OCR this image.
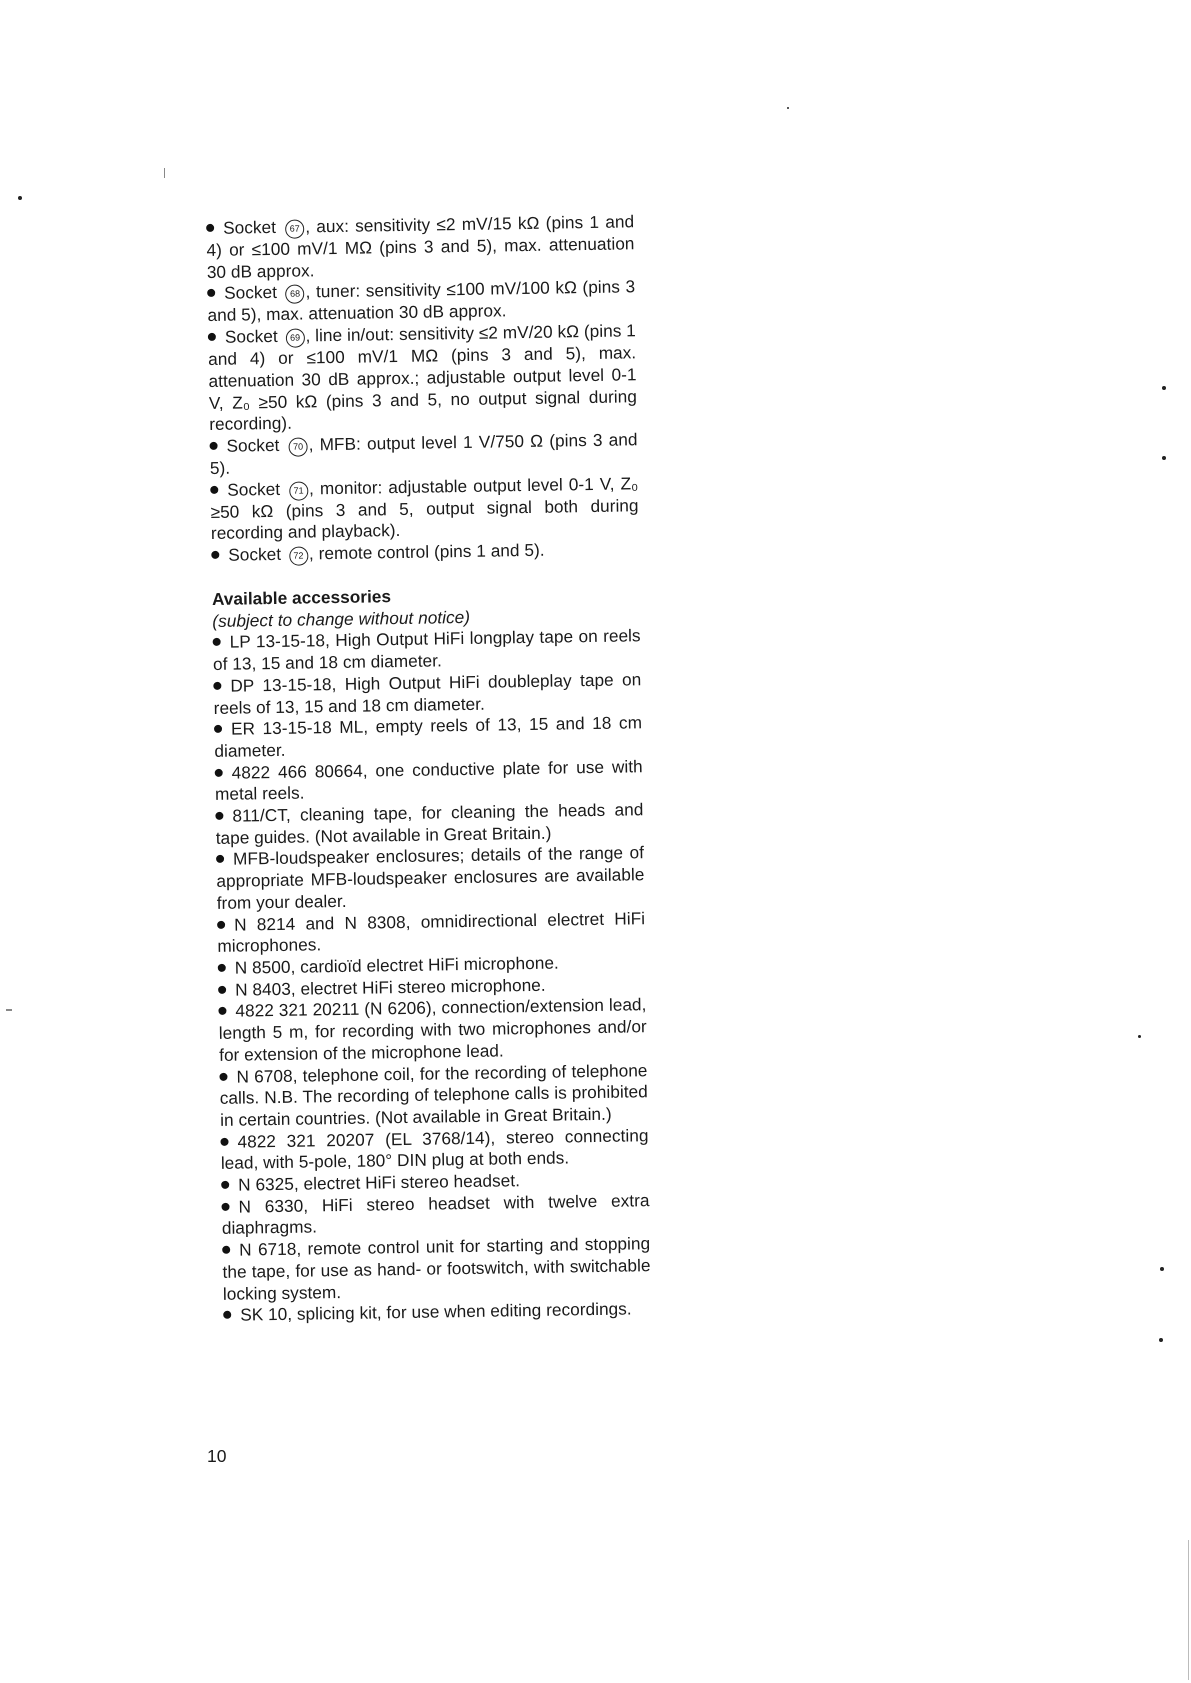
Socket 67 , aux: sensitivity ≤2 mV/15 kΩ (pins 1 and 4) or ≤100 mV/1 MΩ (pins 3 and 5), max. attenuation 30 dB approx.

Socket 68 , tuner: sensitivity ≤100 mV/100 kΩ (pins 3 and 5), max. attenuation 30 dB approx.

Socket 69 , line in/out: sensitivity ≤2 mV/20 kΩ (pins 1 and 4) or ≤100 mV/1 MΩ (pins 3 and 5), max. attenuation 30 dB approx.; adjustable output level 0-1 V, Z₀ ≥50 kΩ (pins 3 and 5, no output signal during recording).

Socket 70 , MFB: output level 1 V/750 Ω (pins 3 and 5).

Socket 71 , monitor: adjustable output level 0-1 V, Z₀ ≥50 kΩ (pins 3 and 5, output signal both during recording and playback).

Socket 72 , remote control (pins 1 and 5).

Available accessories

(subject to change without notice)

LP 13-15-18, High Output HiFi longplay tape on reels of 13, 15 and 18 cm diameter.

DP 13-15-18, High Output HiFi doubleplay tape on reels of 13, 15 and 18 cm diameter.

ER 13-15-18 ML, empty reels of 13, 15 and 18 cm diameter.

4822 466 80664, one conductive plate for use with metal reels.

811/CT, cleaning tape, for cleaning the heads and tape guides. (Not available in Great Britain.)

MFB-loudspeaker enclosures; details of the range of appropriate MFB-loudspeaker enclosures are available from your dealer.

N 8214 and N 8308, omnidirectional electret HiFi microphones.

N 8500, cardioïd electret HiFi microphone.

N 8403, electret HiFi stereo microphone.

4822 321 20211 (N 6206), connection/extension lead, length 5 m, for recording with two microphones and/or for extension of the microphone lead.

N 6708, telephone coil, for the recording of telephone calls. N.B. The recording of telephone calls is prohibited in certain countries. (Not available in Great Britain.)

4822 321 20207 (EL 3768/14), stereo connecting lead, with 5-pole, 180° DIN plug at both ends.

N 6325, electret HiFi stereo headset.

N 6330, HiFi stereo headset with twelve extra diaphragms.

N 6718, remote control unit for starting and stopping the tape, for use as hand- or footswitch, with switchable locking system.

SK 10, splicing kit, for use when editing recordings.

10
